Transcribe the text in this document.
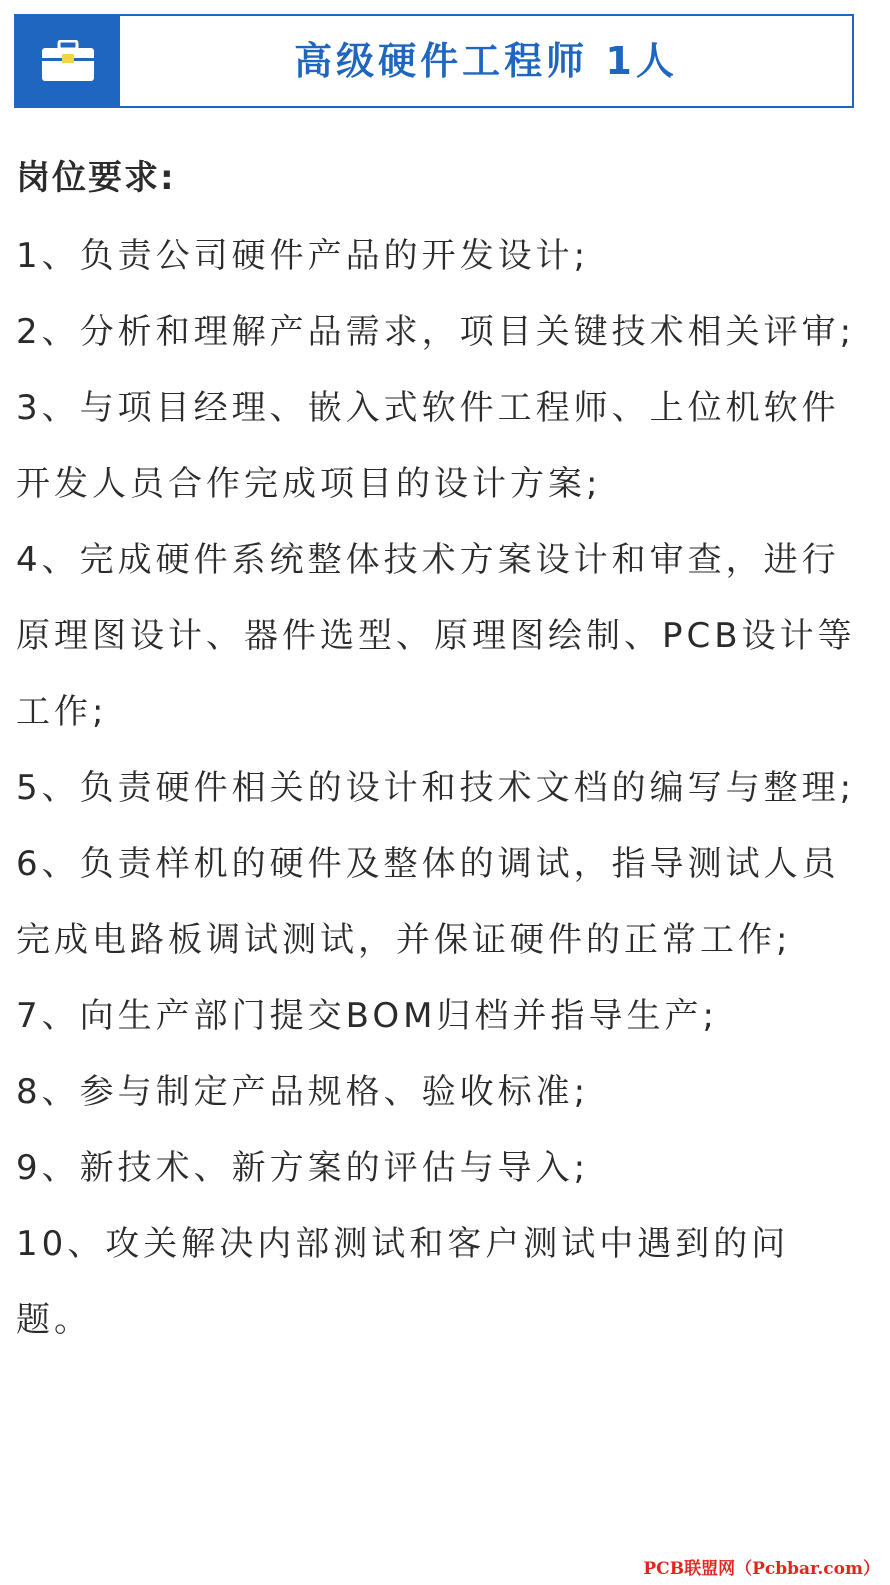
高级硬件工程师 1人
岗位要求:
1、负责公司硬件产品的开发设计;
2、分析和理解产品需求，项目关键技术相关评审;
3、与项目经理、嵌入式软件工程师、上位机软件开发人员合作完成项目的设计方案;
4、完成硬件系统整体技术方案设计和审查，进行原理图设计、器件选型、原理图绘制、PCB设计等工作;
5、负责硬件相关的设计和技术文档的编写与整理;
6、负责样机的硬件及整体的调试，指导测试人员完成电路板调试测试，并保证硬件的正常工作;
7、向生产部门提交BOM归档并指导生产;
8、参与制定产品规格、验收标准;
9、新技术、新方案的评估与导入;
10、攻关解决内部测试和客户测试中遇到的问题。
PCB联盟网（Pcbbar.com）
